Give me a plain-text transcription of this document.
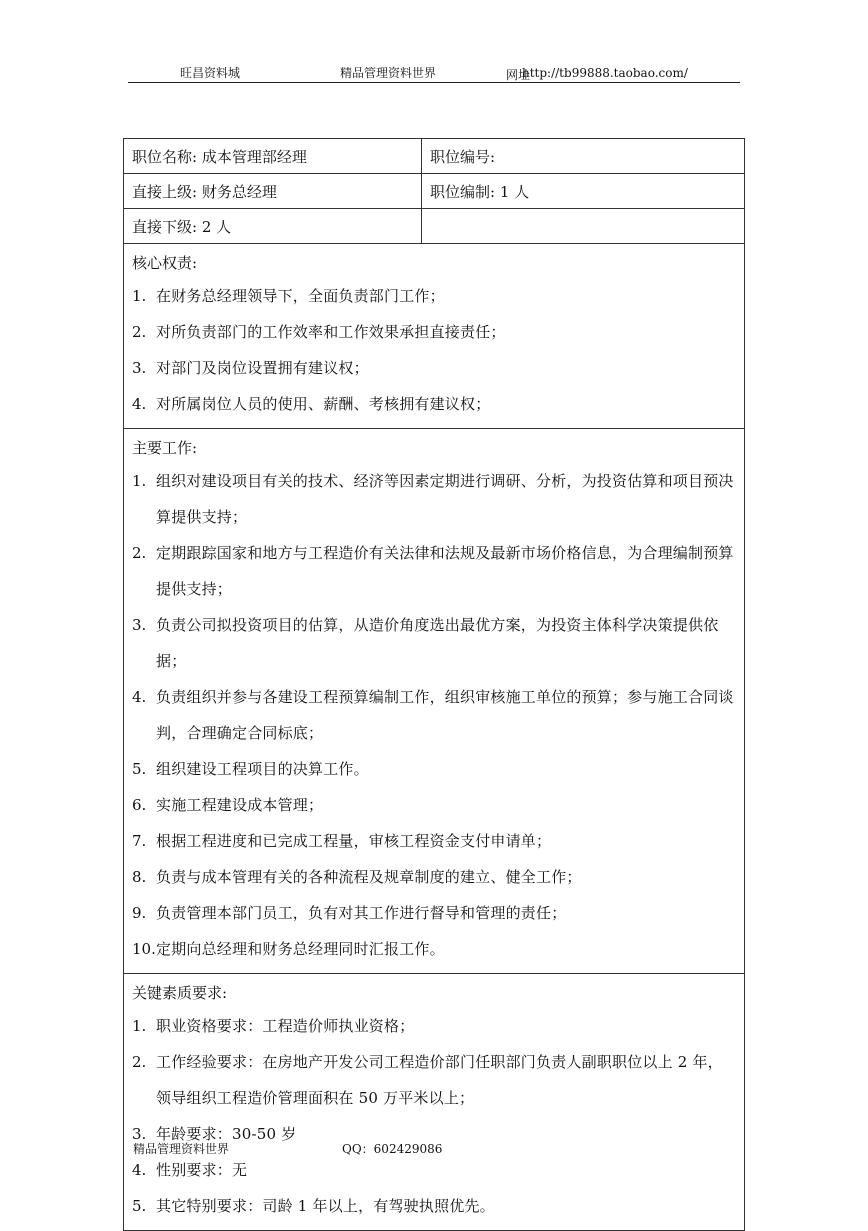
旺昌资料城	精品管理资料世界	网址
http://tb99888.taobao.com/
职位名称: 成本管理部经理	职位编号:
直接上级: 财务总经理	职位编制: 1 人
直接下级: 2 人
核心权责:
1. 在财务总经理领导下，全面负责部门工作；
2. 对所负责部门的工作效率和工作效果承担直接责任；
3. 对部门及岗位设置拥有建议权；
4. 对所属岗位人员的使用、薪酬、考核拥有建议权；
主要工作:
1. 组织对建设项目有关的技术、经济等因素定期进行调研、分析，为投资估算和项目预决算提供支持；
2. 定期跟踪国家和地方与工程造价有关法律和法规及最新市场价格信息，为合理编制预算提供支持；
3. 负责公司拟投资项目的估算，从造价角度选出最优方案，为投资主体科学决策提供依据；
4. 负责组织并参与各建设工程预算编制工作，组织审核施工单位的预算；参与施工合同谈判，合理确定合同标底；
5. 组织建设工程项目的决算工作。
6. 实施工程建设成本管理；
7. 根据工程进度和已完成工程量，审核工程资金支付申请单；
8. 负责与成本管理有关的各种流程及规章制度的建立、健全工作；
9. 负责管理本部门员工，负有对其工作进行督导和管理的责任；
10. 定期向总经理和财务总经理同时汇报工作。
关键素质要求:
1. 职业资格要求：工程造价师执业资格；
2. 工作经验要求：在房地产开发公司工程造价部门任职部门负责人副职职位以上 2 年，领导组织工程造价管理面积在 50 万平米以上；
3. 年龄要求：30-50 岁
4. 性别要求：无
5. 其它特别要求：司龄 1 年以上，有驾驶执照优先。
精品管理资料世界	QQ：602429086
